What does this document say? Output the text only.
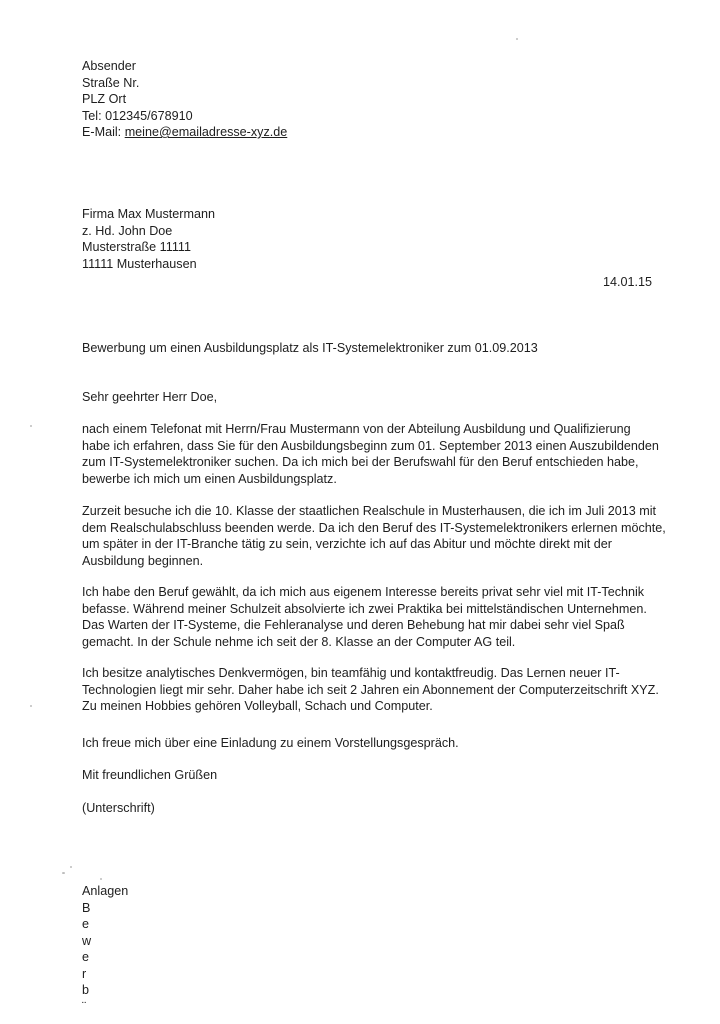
Absender
Straße Nr.
PLZ Ort
Tel: 012345/678910
E-Mail: meine@emailadresse-xyz.de
Firma Max Mustermann
z. Hd. John Doe
Musterstraße 11111
11111 Musterhausen
14.01.15
Bewerbung um einen Ausbildungsplatz als IT-Systemelektroniker zum 01.09.2013
Sehr geehrter Herr Doe,
nach einem Telefonat mit Herrn/Frau Mustermann von der Abteilung Ausbildung und Qualifizierung
habe ich erfahren, dass Sie für den Ausbildungsbeginn zum 01. September 2013 einen Auszubildenden
zum IT-Systemelektroniker suchen. Da ich mich bei der Berufswahl für den Beruf entschieden habe,
bewerbe ich mich um einen Ausbildungsplatz.
Zurzeit besuche ich die 10. Klasse der staatlichen Realschule in Musterhausen, die ich im Juli 2013 mit
dem Realschulabschluss beenden werde. Da ich den Beruf des IT-Systemelektronikers erlernen möchte,
um später in der IT-Branche tätig zu sein, verzichte ich auf das Abitur und möchte direkt mit der
Ausbildung beginnen.
Ich habe den Beruf gewählt, da ich mich aus eigenem Interesse bereits privat sehr viel mit IT-Technik
befasse. Während meiner Schulzeit absolvierte ich zwei Praktika bei mittelständischen Unternehmen.
Das Warten der IT-Systeme, die Fehleranalyse und deren Behebung hat mir dabei sehr viel Spaß
gemacht. In der Schule nehme ich seit der 8. Klasse an der Computer AG teil.
Ich besitze analytisches Denkvermögen, bin teamfähig und kontaktfreudig. Das Lernen neuer IT-
Technologien liegt mir sehr. Daher habe ich seit 2 Jahren ein Abonnement der Computerzeitschrift XYZ.
Zu meinen Hobbies gehören Volleyball, Schach und Computer.
Ich freue mich über eine Einladung zu einem Vorstellungsgespräch.
Mit freundlichen Grüßen
(Unterschrift)
Anlagen
B
e
w
e
r
b
¨
